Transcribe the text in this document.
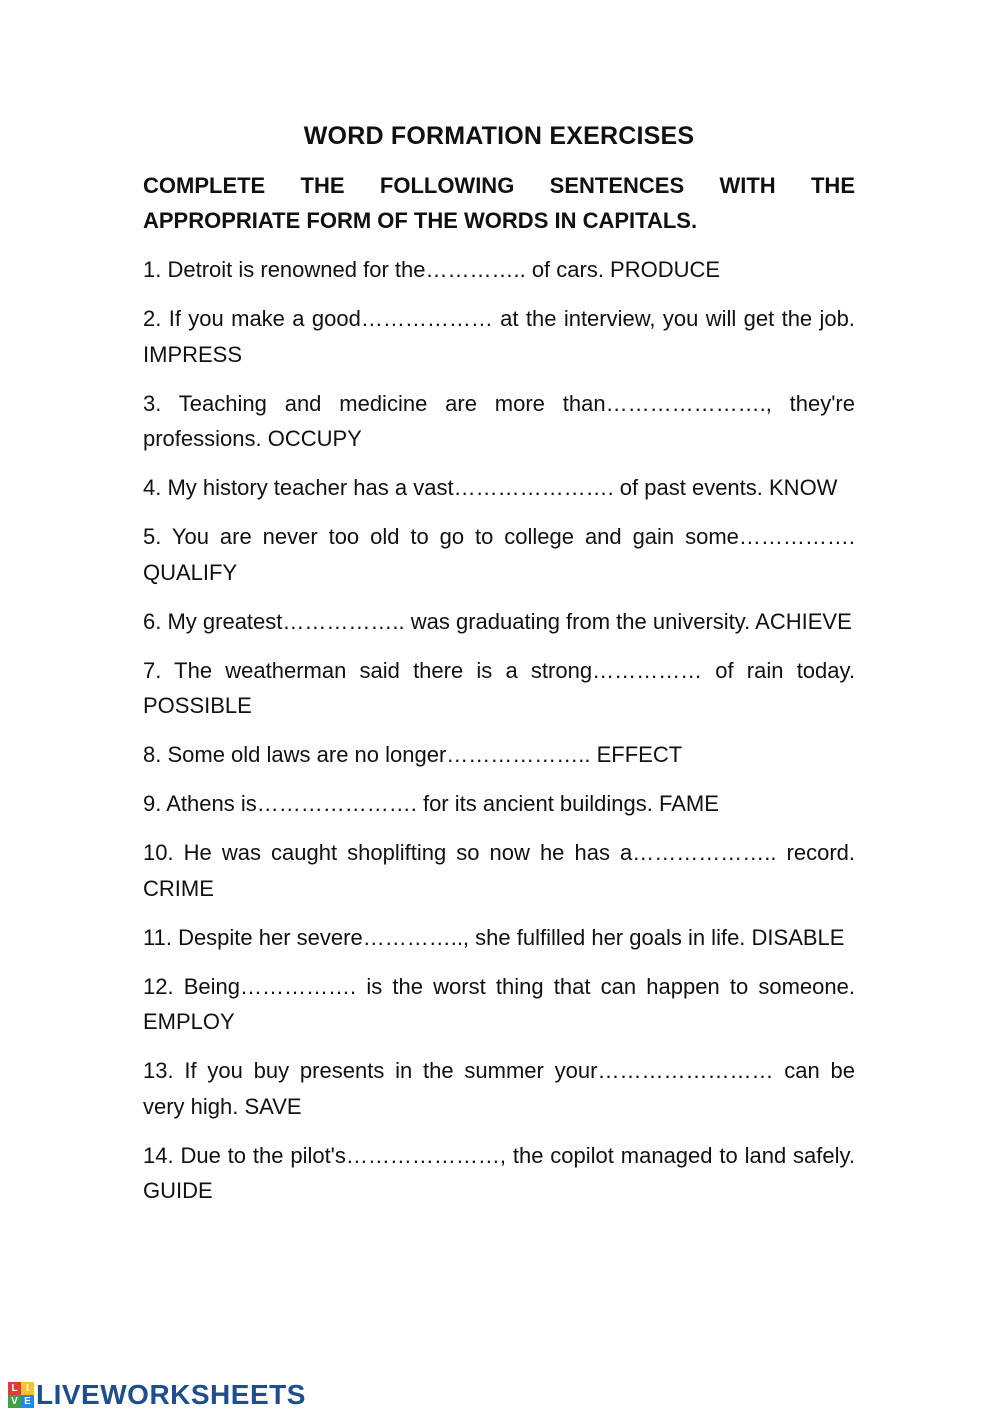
WORD FORMATION EXERCISES
COMPLETE THE FOLLOWING SENTENCES WITH THE APPROPRIATE FORM OF THE WORDS IN CAPITALS.

1. Detroit is renowned for the………….. of cars. PRODUCE

2. If you make a good……………… at the interview, you will get the job. IMPRESS

3. Teaching and medicine are more than…………………., they're professions. OCCUPY

4. My history teacher has a vast…………………. of past events. KNOW

5. You are never too old to go to college and gain some……………. QUALIFY

6. My greatest…………….. was graduating from the university. ACHIEVE

7. The weatherman said there is a strong…………… of rain today. POSSIBLE

8. Some old laws are no longer……………….. EFFECT

9. Athens is…………………. for its ancient buildings. FAME

10. He was caught shoplifting so now he has a……………….. record. CRIME

11. Despite her severe………….., she fulfilled her goals in life. DISABLE

12. Being……………. is the worst thing that can happen to someone. EMPLOY

13. If you buy presents in the summer your…………………… can be very high. SAVE

14. Due to the pilot's…………………, the copilot managed to land safely. GUIDE

L I
V E LIVEWORKSHEETS
